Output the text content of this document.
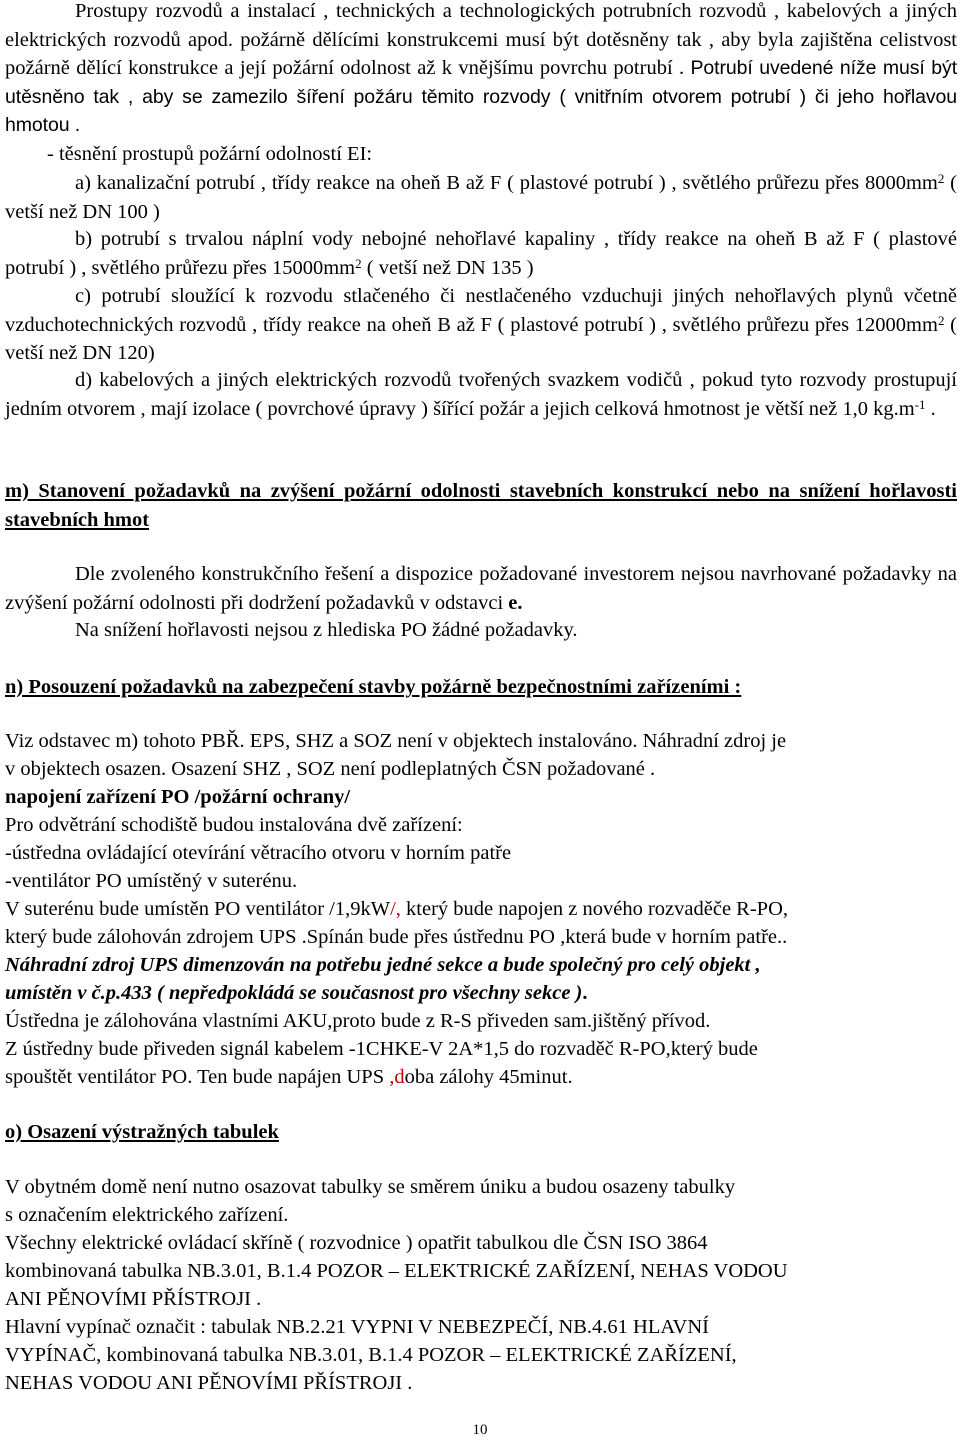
Prostupy rozvodů a instalací , technických a technologických potrubních rozvodů , kabelových a jiných elektrických rozvodů apod. požárně dělícími konstrukcemi musí být dotěsněny tak , aby byla zajištěna celistvost požárně dělící konstrukce a její požární odolnost až k vnějšímu povrchu potrubí . Potrubí uvedené níže musí být utěsněno tak , aby se zamezilo šíření požáru těmito rozvody ( vnitřním otvorem potrubí ) či jeho hořlavou hmotou .

- těsnění prostupů požární odolností EI:

a) kanalizační potrubí , třídy reakce na oheň B až F ( plastové potrubí ) , světlého průřezu přes $8000mm^2$ ( vetší než DN 100 )

b) potrubí s trvalou náplní vody nebojné nehořlavé kapaliny , třídy reakce na oheň B až F ( plastové potrubí ) , světlého průřezu přes $15000mm^2$ ( vetší než DN 135 )

c) potrubí sloužící k rozvodu stlačeného či nestlačeného vzduchuji jiných nehořlavých plynů včetně vzduchotechnických rozvodů , třídy reakce na oheň B až F ( plastové potrubí ) , světlého průřezu přes $12000mm^2$ ( vetší než DN 120)

d) kabelových a jiných elektrických rozvodů tvořených svazkem vodičů , pokud tyto rozvody prostupují jedním otvorem , mají izolace ( povrchové úpravy ) šířící požár a jejich celková hmotnost je větší než 1,0 $kg.m^{-1}$ .

m) Stanovení požadavků na zvýšení požární odolnosti stavebních konstrukcí nebo na snížení hořlavosti stavebních hmot

Dle zvoleného konstrukčního řešení a dispozice požadované investorem nejsou navrhované požadavky na zvýšení požární odolnosti při dodržení požadavků v odstavci e.

Na snížení hořlavosti nejsou z hlediska PO žádné požadavky.

n) Posouzení požadavků na zabezpečení stavby požárně bezpečnostními zařízeními :

Viz odstavec m) tohoto PBŘ. EPS, SHZ a SOZ není v objektech instalováno. Náhradní zdroj je

v objektech osazen. Osazení SHZ , SOZ není podleplatných ČSN požadované .

napojení zařízení PO /požární ochrany/

Pro odvětrání schodiště budou instalována dvě zařízení:

-ústředna ovládající otevírání větracího otvoru v horním patře

-ventilátor PO umístěný v suterénu.

V suterénu bude umístěn PO ventilátor /1,9kW/, který bude napojen z nového rozvaděče R-PO,

který bude zálohován zdrojem UPS .Spínán bude přes ústřednu PO ,která bude v horním patře..

Náhradní zdroj UPS dimenzován na potřebu jedné sekce a bude společný pro celý objekt ,

umístěn v č.p.433 ( nepředpokládá se současnost pro všechny sekce ).

Ústředna je zálohována vlastními AKU,proto bude z R-S přiveden sam.jištěný přívod.

Z ústředny bude přiveden signál kabelem -1CHKE-V 2A*1,5 do rozvaděč R-PO,který bude

spouštět ventilátor PO. Ten bude napájen UPS ,doba zálohy 45minut.

o) Osazení výstražných tabulek

V obytném domě není nutno osazovat tabulky se směrem úniku a budou osazeny tabulky

s označením elektrického zařízení.

Všechny elektrické ovládací skříně ( rozvodnice ) opatřit tabulkou dle ČSN ISO 3864

kombinovaná tabulka NB.3.01, B.1.4 POZOR – ELEKTRICKÉ ZAŘÍZENÍ, NEHAS VODOU

ANI PĚNOVÍMI PŘÍSTROJI .

Hlavní vypínač označit : tabulak NB.2.21 VYPNI V NEBEZPEČÍ, NB.4.61 HLAVNÍ

VYPÍNAČ, kombinovaná tabulka NB.3.01, B.1.4 POZOR – ELEKTRICKÉ ZAŘÍZENÍ,

NEHAS VODOU ANI PĚNOVÍMI PŘÍSTROJI .

10
